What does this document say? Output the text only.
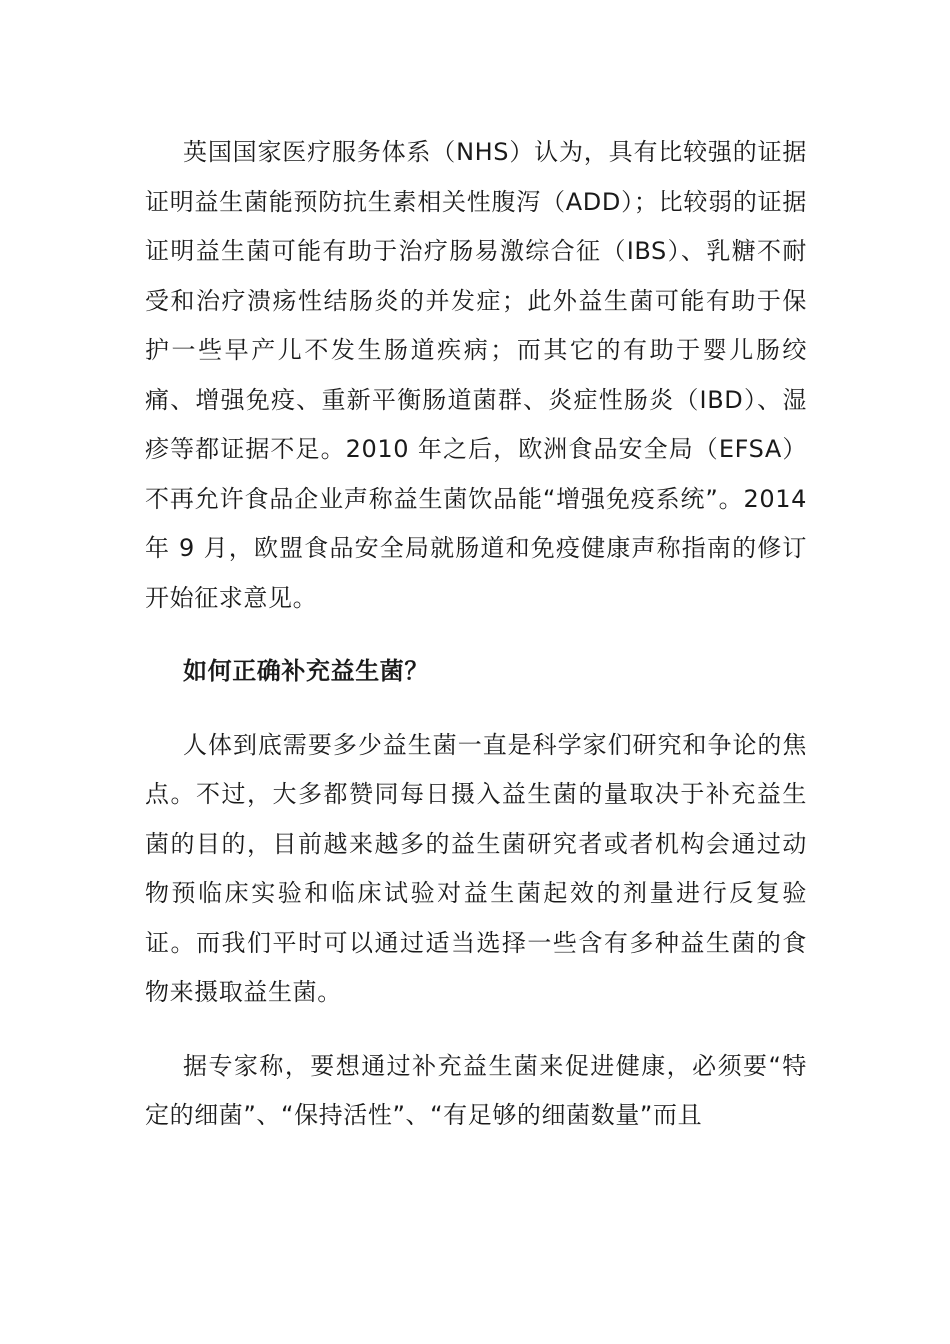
英国国家医疗服务体系（NHS）认为，具有比较强的证据证明益生菌能预防抗生素相关性腹泻（ADD）；比较弱的证据证明益生菌可能有助于治疗肠易激综合征（IBS）、乳糖不耐受和治疗溃疡性结肠炎的并发症；此外益生菌可能有助于保护一些早产儿不发生肠道疾病；而其它的有助于婴儿肠绞痛、增强免疫、重新平衡肠道菌群、炎症性肠炎（IBD）、湿疹等都证据不足。2010 年之后，欧洲食品安全局（EFSA）不再允许食品企业声称益生菌饮品能“增强免疫系统”。2014 年 9 月，欧盟食品安全局就肠道和免疫健康声称指南的修订开始征求意见。

如何正确补充益生菌？

人体到底需要多少益生菌一直是科学家们研究和争论的焦点。不过，大多都赞同每日摄入益生菌的量取决于补充益生菌的目的，目前越来越多的益生菌研究者或者机构会通过动物预临床实验和临床试验对益生菌起效的剂量进行反复验证。而我们平时可以通过适当选择一些含有多种益生菌的食物来摄取益生菌。

据专家称，要想通过补充益生菌来促进健康，必须要“特定的细菌”、“保持活性”、“有足够的细菌数量”而且
